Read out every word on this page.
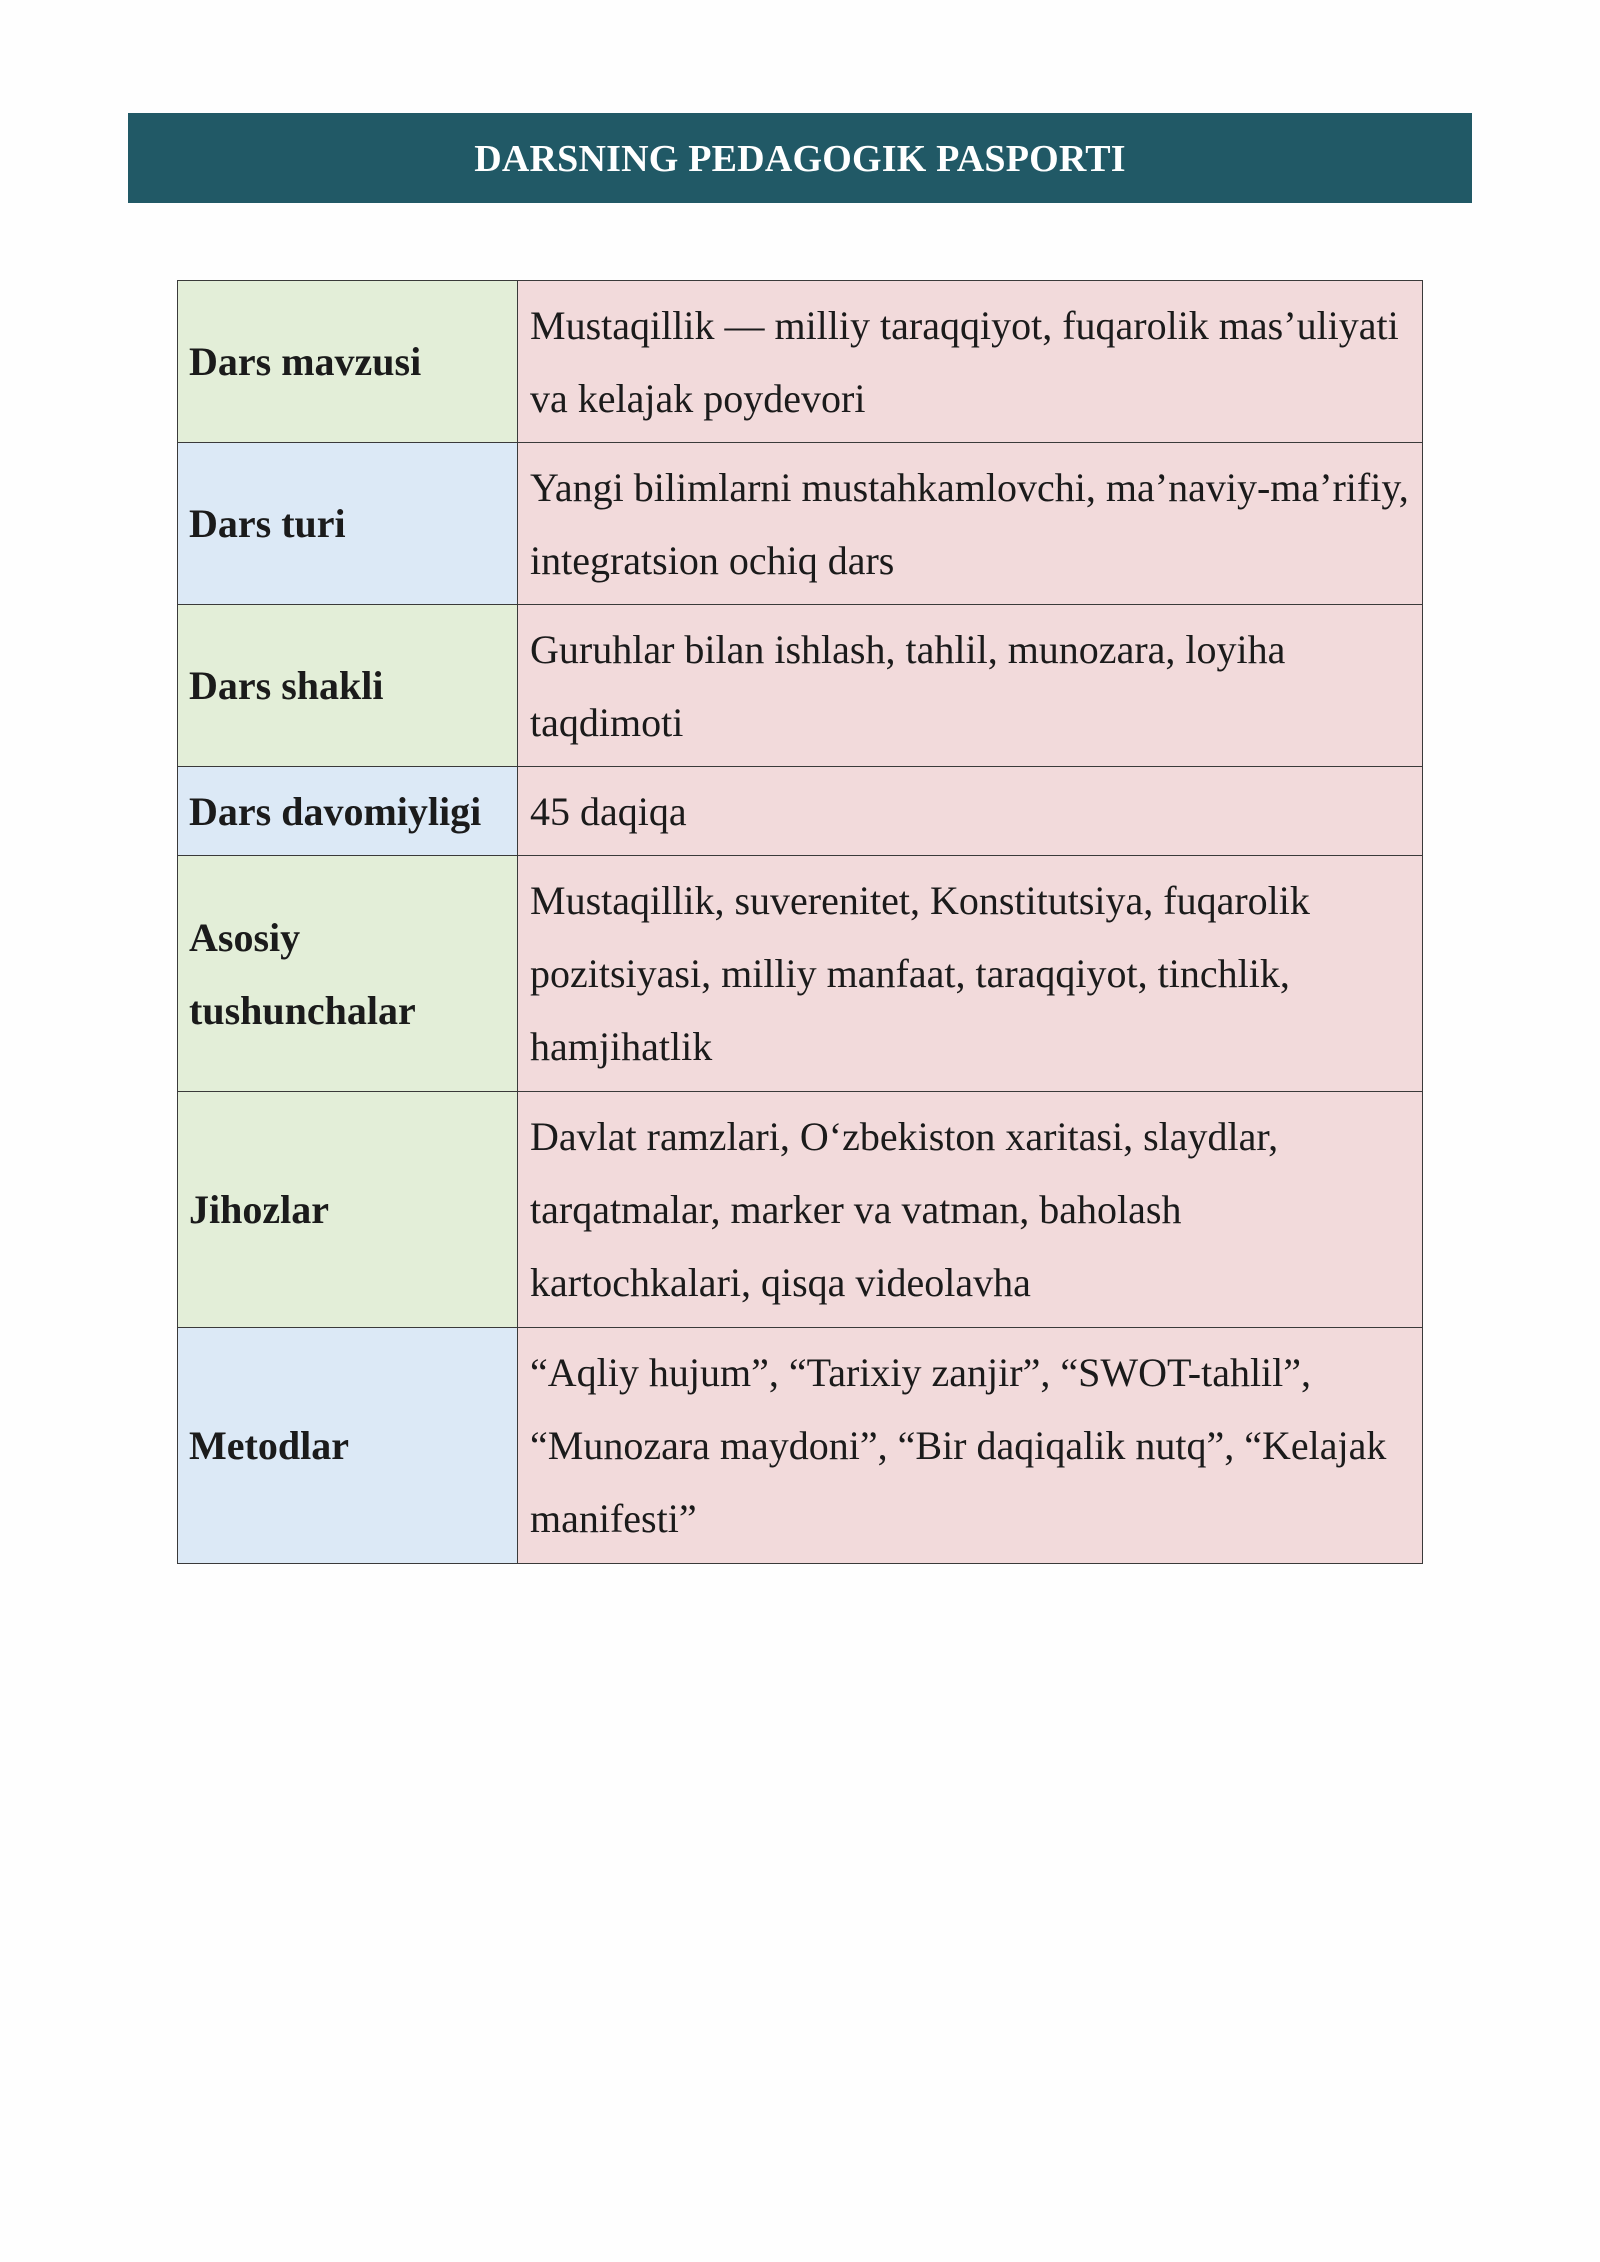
DARSNING PEDAGOGIK PASPORTI
Dars mavzusi	Mustaqillik — milliy taraqqiyot, fuqarolik mas’uliyati va kelajak poydevori
Dars turi	Yangi bilimlarni mustahkamlovchi, ma’naviy-ma’rifiy, integratsion ochiq dars
Dars shakli	Guruhlar bilan ishlash, tahlil, munozara, loyiha taqdimoti
Dars davomiyligi	45 daqiqa
Asosiy tushunchalar	Mustaqillik, suverenitet, Konstitutsiya, fuqarolik pozitsiyasi, milliy manfaat, taraqqiyot, tinchlik, hamjihatlik
Jihozlar	Davlat ramzlari, O‘zbekiston xaritasi, slaydlar, tarqatmalar, marker va vatman, baholash kartochkalari, qisqa videolavha
Metodlar	“Aqliy hujum”, “Tarixiy zanjir”, “SWOT-tahlil”, “Munozara maydoni”, “Bir daqiqalik nutq”, “Kelajak manifesti”
